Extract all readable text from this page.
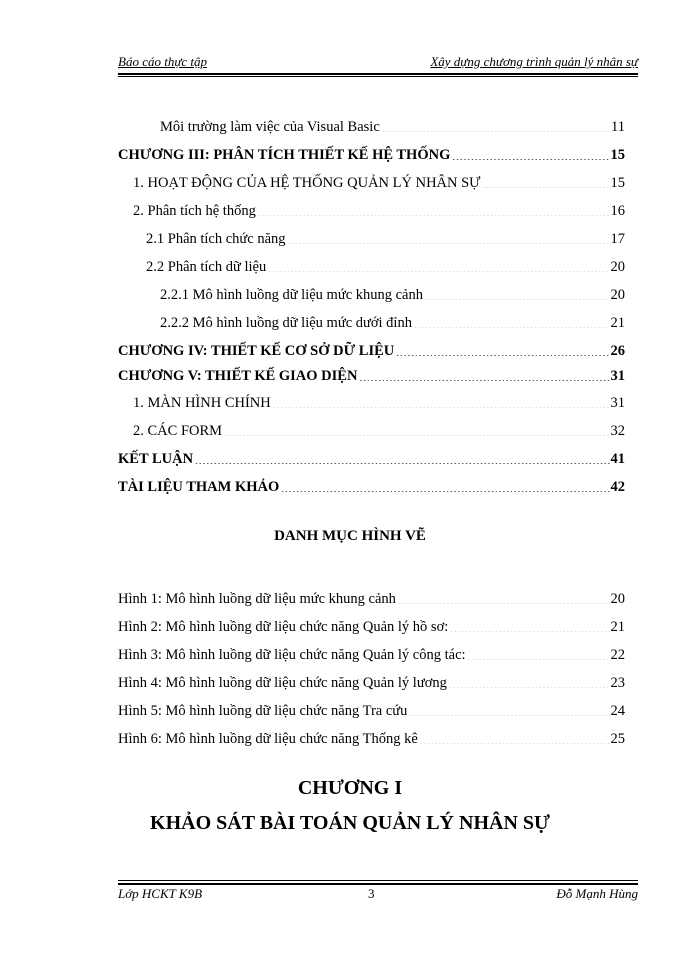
Báo cáo thực tập	Xây dựng chương trình quản lý nhân sự
Môi trường làm việc của Visual Basic .....	11
CHƯƠNG III: PHÂN TÍCH THIẾT KẾ HỆ THỐNG .....	15
1. HOẠT ĐỘNG CỦA HỆ THỐNG QUẢN LÝ NHÂN SỰ .....	15
2. Phân tích hệ thống .....	16
2.1 Phân tích chức năng .....	17
2.2 Phân tích dữ liệu .....	20
2.2.1 Mô hình luồng dữ liệu mức khung cảnh .....	20
2.2.2 Mô hình luồng dữ liệu mức dưới đỉnh .....	21
CHƯƠNG IV: THIẾT KẾ CƠ SỞ DỮ LIỆU .....	26
CHƯƠNG V: THIẾT KẾ GIAO DIỆN .....	31
1. MÀN HÌNH CHÍNH .....	31
2. CÁC FORM .....	32
KẾT LUẬN .....	41
TÀI LIỆU THAM KHẢO .....	42
DANH MỤC HÌNH VẼ
Hình 1: Mô hình luồng dữ liệu mức khung cảnh .....	20
Hình 2: Mô hình luồng dữ liệu chức năng Quản lý hồ sơ: .....	21
Hình 3: Mô hình luồng dữ liệu chức năng Quản lý công tác: .....	22
Hình 4: Mô hình luồng dữ liệu chức năng Quản lý lương .....	23
Hình 5: Mô hình luồng dữ liệu chức năng Tra cứu .....	24
Hình 6: Mô hình luồng dữ liệu chức năng Thống kê .....	25
CHƯƠNG I
KHẢO SÁT BÀI TOÁN QUẢN LÝ NHÂN SỰ
Lớp HCKT K9B	3	Đỗ Mạnh Hùng
